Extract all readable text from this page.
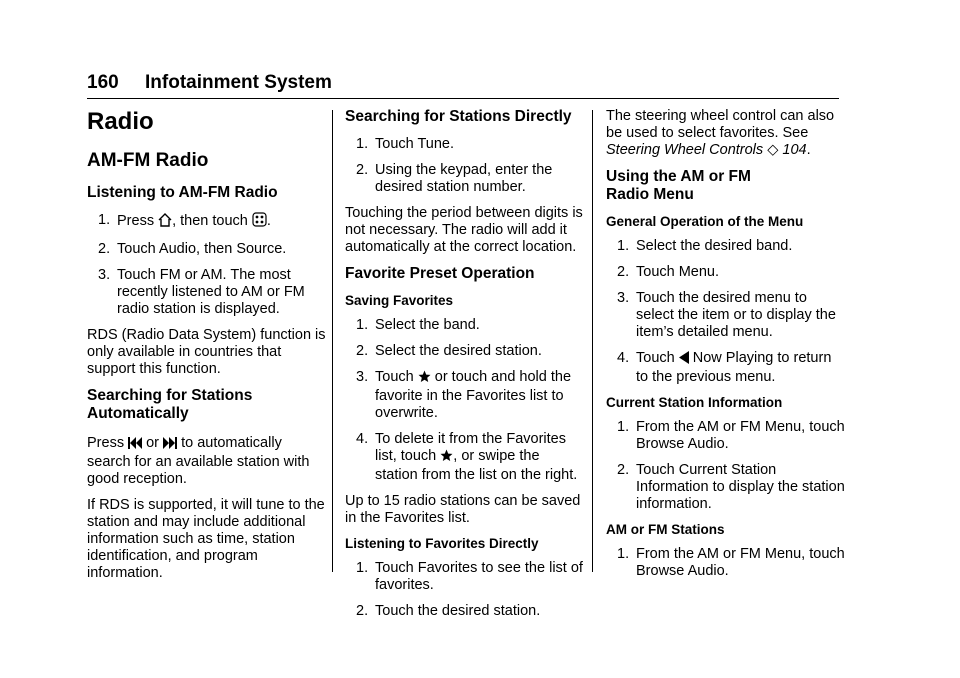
160 Infotainment System
Radio
AM-FM Radio
Listening to AM-FM Radio
1. Press , then touch .
2. Touch Audio, then Source.
3. Touch FM or AM. The most recently listened to AM or FM radio station is displayed.

RDS (Radio Data System) function is only available in countries that support this function.

Searching for Stations Automatically

Press  or  to automatically search for an available station with good reception.

If RDS is supported, it will tune to the station and may include additional information such as time, station identification, and program information.

Searching for Stations Directly
1. Touch Tune.
2. Using the keypad, enter the desired station number.

Touching the period between digits is not necessary. The radio will add it automatically at the correct location.

Favorite Preset Operation
Saving Favorites
1. Select the band.
2. Select the desired station.
3. Touch  or touch and hold the favorite in the Favorites list to overwrite.
4. To delete it from the Favorites list, touch , or swipe the station from the list on the right.

Up to 15 radio stations can be saved in the Favorites list.

Listening to Favorites Directly
1. Touch Favorites to see the list of favorites.
2. Touch the desired station.

The steering wheel control can also be used to select favorites. See Steering Wheel Controls ◇ 104.

Using the AM or FM Radio Menu
General Operation of the Menu
1. Select the desired band.
2. Touch Menu.
3. Touch the desired menu to select the item or to display the item’s detailed menu.
4. Touch  Now Playing to return to the previous menu.
Current Station Information
1. From the AM or FM Menu, touch Browse Audio.
2. Touch Current Station Information to display the station information.
AM or FM Stations
1. From the AM or FM Menu, touch Browse Audio.
